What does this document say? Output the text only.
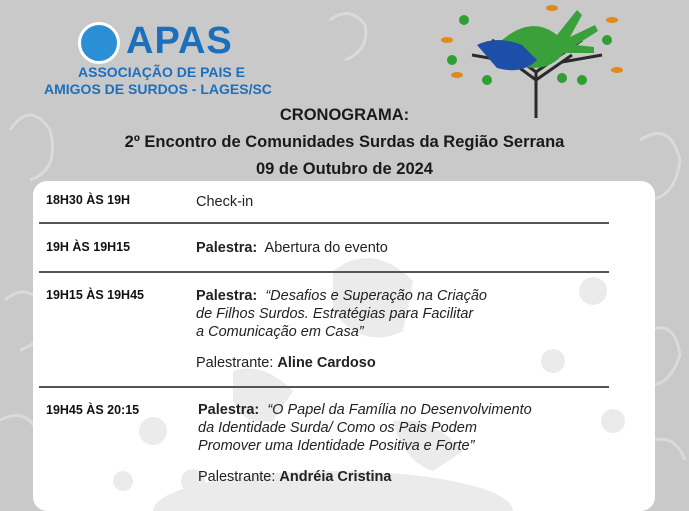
APAS
ASSOCIAÇÃO DE PAIS E
AMIGOS DE SURDOS - LAGES/SC
CRONOGRAMA:
2º Encontro de Comunidades Surdas da Região Serrana
09 de Outubro de 2024
18H30 ÀS 19H	Check-in
19H ÀS 19H15	Palestra: Abertura do evento
19H15 ÀS 19H45	Palestra: “Desafios e Superação na Criação
de Filhos Surdos. Estratégias para Facilitar
a Comunicação em Casa”
Palestrante: Aline Cardoso
19H45 ÀS 20:15	Palestra: “O Papel da Família no Desenvolvimento
da Identidade Surda/ Como os Pais Podem
Promover uma Identidade Positiva e Forte”
Palestrante: Andréia Cristina
